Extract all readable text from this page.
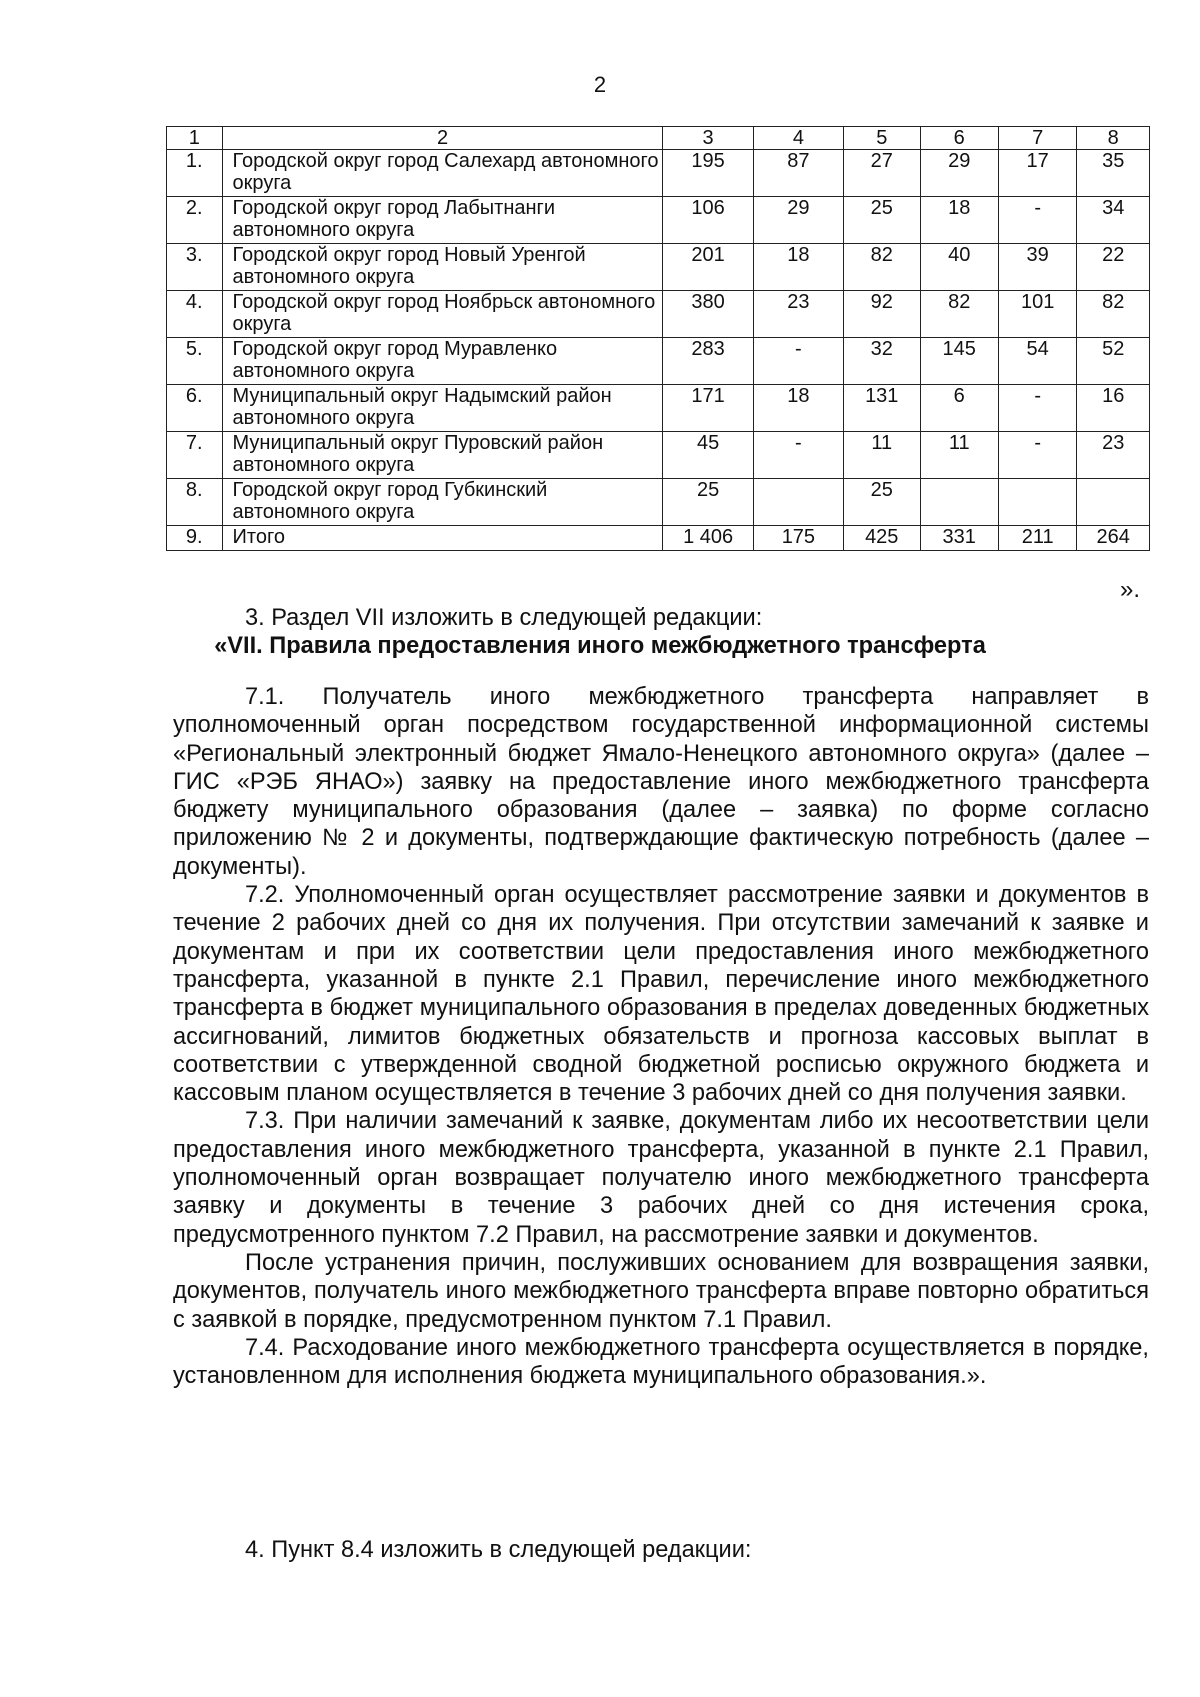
2
1	2	3	4	5	6	7	8
1.	Городской округ город Салехард автономного округа	195	87	27	29	17	35
2.	Городской округ город Лабытнанги автономного округа	106	29	25	18	-	34
3.	Городской округ город Новый Уренгой автономного округа	201	18	82	40	39	22
4.	Городской округ город Ноябрьск автономного округа	380	23	92	82	101	82
5.	Городской округ город Муравленко автономного округа	283	-	32	145	54	52
6.	Муниципальный округ Надымский район автономного округа	171	18	131	6	-	16
7.	Муниципальный округ Пуровский район автономного округа	45	-	11	11	-	23
8.	Городской округ город Губкинский автономного округа	25		25			
9.	Итого	1 406	175	425	331	211	264
».
3. Раздел VII изложить в следующей редакции:
«VII. Правила предоставления иного межбюджетного трансферта

7.1. Получатель иного межбюджетного трансферта направляет в уполномоченный орган посредством государственной информационной системы «Региональный электронный бюджет Ямало-Ненецкого автономного округа» (далее – ГИС «РЭБ ЯНАО») заявку на предоставление иного межбюджетного трансферта бюджету муниципального образования (далее – заявка) по форме согласно приложению № 2 и документы, подтверждающие фактическую потребность (далее – документы).

7.2. Уполномоченный орган осуществляет рассмотрение заявки и документов в течение 2 рабочих дней со дня их получения. При отсутствии замечаний к заявке и документам и при их соответствии цели предоставления иного межбюджетного трансферта, указанной в пункте 2.1 Правил, перечисление иного межбюджетного трансферта в бюджет муниципального образования в пределах доведенных бюджетных ассигнований, лимитов бюджетных обязательств и прогноза кассовых выплат в соответствии с утвержденной сводной бюджетной росписью окружного бюджета и кассовым планом осуществляется в течение 3 рабочих дней со дня получения заявки.

7.3. При наличии замечаний к заявке, документам либо их несоответствии цели предоставления иного межбюджетного трансферта, указанной в пункте 2.1 Правил, уполномоченный орган возвращает получателю иного межбюджетного трансферта заявку и документы в течение 3 рабочих дней со дня истечения срока, предусмотренного пунктом 7.2 Правил, на рассмотрение заявки и документов.

После устранения причин, послуживших основанием для возвращения заявки, документов, получатель иного межбюджетного трансферта вправе повторно обратиться с заявкой в порядке, предусмотренном пунктом 7.1 Правил.

7.4. Расходование иного межбюджетного трансферта осуществляется в порядке, установленном для исполнения бюджета муниципального образования.».

4. Пункт 8.4 изложить в следующей редакции:
